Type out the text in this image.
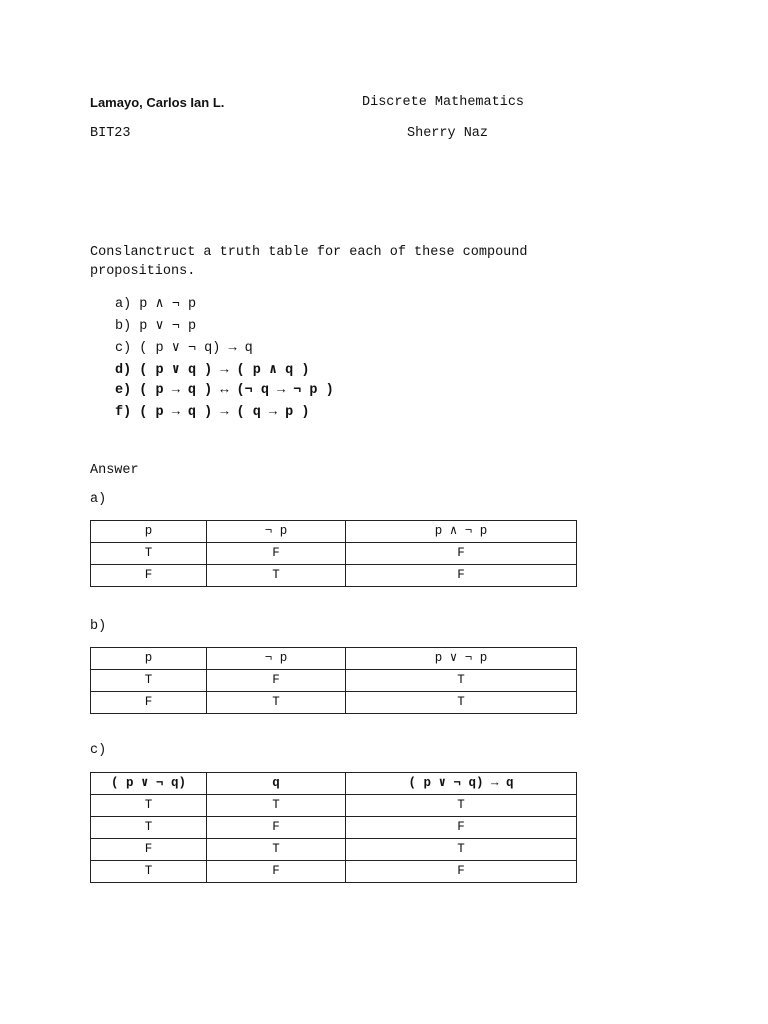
Lamayo, Carlos Ian L.	Discrete Mathematics
BIT23	Sherry Naz
Conslanctruct a truth table for each of these compound propositions.
a) p ∧ ¬ p
b) p ∨ ¬ p
c) ( p ∨ ¬ q) → q
d) ( p ∨ q ) → ( p ∧ q )
e) ( p → q ) ↔ (¬ q → ¬ p )
f) ( p → q ) → ( q → p )
Answer
a)
p	¬ p	p ∧ ¬ p
T	F	F
F	T	F
b)
p	¬ p	p ∨ ¬ p
T	F	T
F	T	T
c)
( p ∨ ¬ q)	q	( p ∨ ¬ q) → q
T	T	T
T	F	F
F	T	T
T	F	F
